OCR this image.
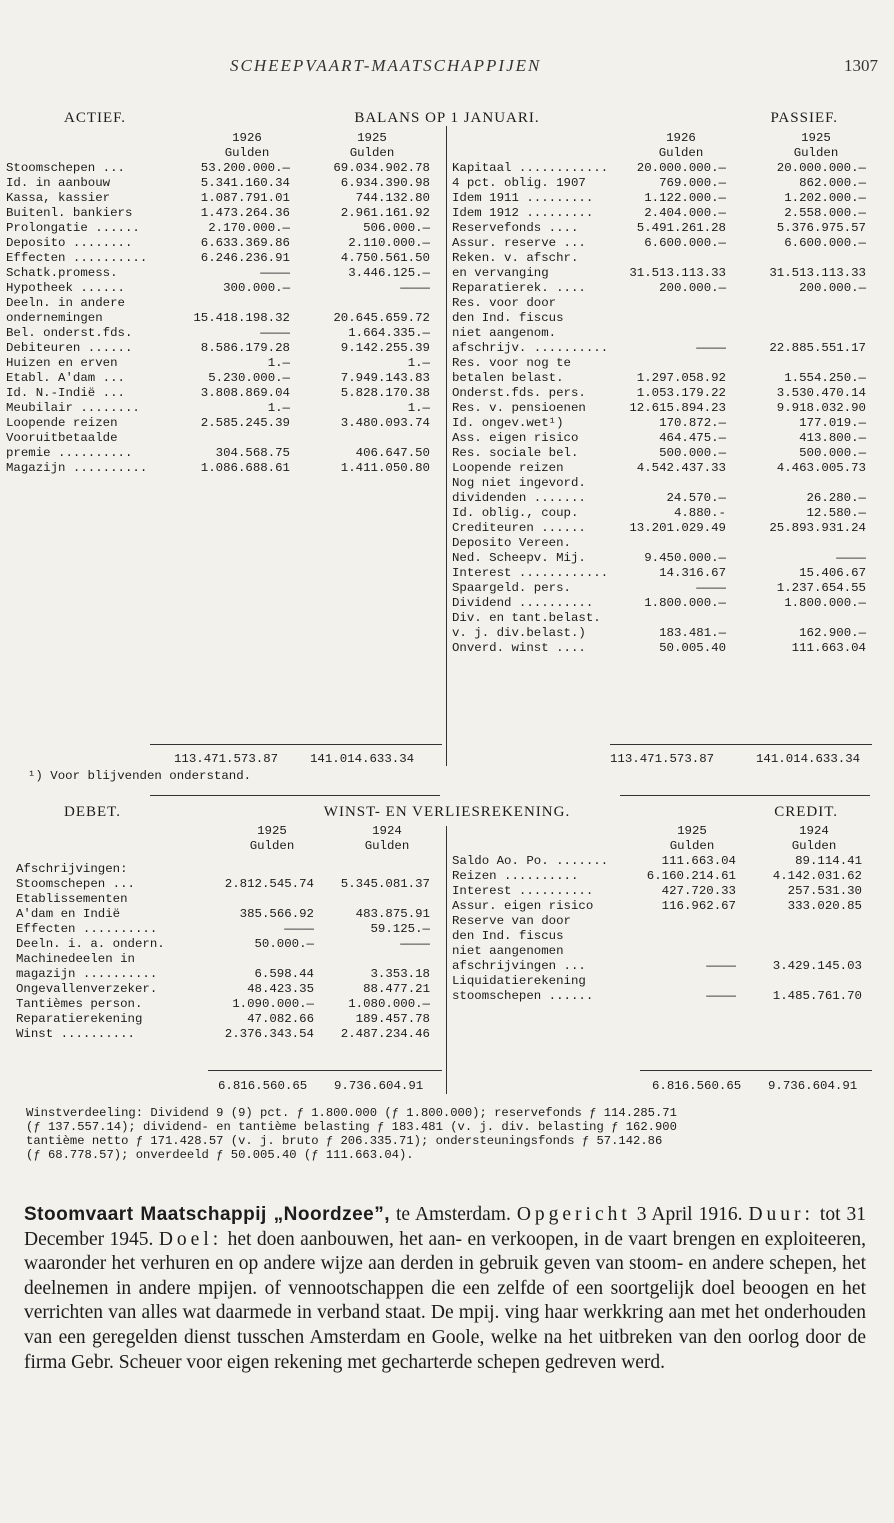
SCHEEPVAART-MAATSCHAPPIJEN	1307
ACTIEF.	BALANS OP 1 JANUARI.	PASSIEF.
1926	1925
Gulden	Gulden
Stoomschepen ...	53.200.000.—	69.034.902.78
Id. in aanbouw	5.341.160.34	6.934.390.98
Kassa, kassier	1.087.791.01	744.132.80
Buitenl. bankiers	1.473.264.36	2.961.161.92
Prolongatie ......	2.170.000.—	506.000.—
Deposito ........	6.633.369.86	2.110.000.—
Effecten ..........	6.246.236.91	4.750.561.50
Schatk.promess.	————	3.446.125.—
Hypotheek ......	300.000.—	————
Deeln. in andere
ondernemingen	15.418.198.32	20.645.659.72
Bel. onderst.fds.	————	1.664.335.—
Debiteuren ......	8.586.179.28	9.142.255.39
Huizen en erven	1.—	1.—
Etabl. A'dam ...	5.230.000.—	7.949.143.83
Id. N.-Indië ...	3.808.869.04	5.828.170.38
Meubilair ........	1.—	1.—
Loopende reizen	2.585.245.39	3.480.093.74
Vooruitbetaalde
premie ..........	304.568.75	406.647.50
Magazijn ..........	1.086.688.61	1.411.050.80
1926	1925
Gulden	Gulden
Kapitaal ............	20.000.000.—	20.000.000.—
4 pct. oblig. 1907	769.000.—	862.000.—
Idem 1911 .........	1.122.000.—	1.202.000.—
Idem 1912 .........	2.404.000.—	2.558.000.—
Reservefonds ....	5.491.261.28	5.376.975.57
Assur. reserve ...	6.600.000.—	6.600.000.—
Reken. v. afschr.
en vervanging	31.513.113.33	31.513.113.33
Reparatierek. ....	200.000.—	200.000.—
Res. voor door
den Ind. fiscus
niet aangenom.
afschrijv. ..........	————	22.885.551.17
Res. voor nog te
betalen belast.	1.297.058.92	1.554.250.—
Onderst.fds. pers.	1.053.179.22	3.530.470.14
Res. v. pensioenen	12.615.894.23	9.918.032.90
Id. ongev.wet¹)	170.872.—	177.019.—
Ass. eigen risico	464.475.—	413.800.—
Res. sociale bel.	500.000.—	500.000.—
Loopende reizen	4.542.437.33	4.463.005.73
Nog niet ingevord.
dividenden .......	24.570.—	26.280.—
Id. oblig., coup.	4.880.-	12.580.—
Crediteuren ......	13.201.029.49	25.893.931.24
Deposito Vereen.
Ned. Scheepv. Mij.	9.450.000.—	————
Interest ............	14.316.67	15.406.67
Spaargeld. pers.	————	1.237.654.55
Dividend ..........	1.800.000.—	1.800.000.—
Div. en tant.belast.
v. j. div.belast.)	183.481.—	162.900.—
Onverd. winst ....	50.005.40	111.663.04
113.471.573.87	141.014.633.34	113.471.573.87	141.014.633.34
¹) Voor blijvenden onderstand.
DEBET.	WINST- EN VERLIESREKENING.	CREDIT.
1925	1924
Gulden	Gulden
Afschrijvingen:
Stoomschepen ...	2.812.545.74	5.345.081.37
Etablissementen
A'dam en Indië	385.566.92	483.875.91
Effecten ..........	————	59.125.—
Deeln. i. a. ondern.	50.000.—	————
Machinedeelen in
magazijn ..........	6.598.44	3.353.18
Ongevallenverzeker.	48.423.35	88.477.21
Tantièmes person.	1.090.000.—	1.080.000.—
Reparatierekening	47.082.66	189.457.78
Winst ..........	2.376.343.54	2.487.234.46
1925	1924
Gulden	Gulden
Saldo Ao. Po. .......	111.663.04	89.114.41
Reizen ..........	6.160.214.61	4.142.031.62
Interest ..........	427.720.33	257.531.30
Assur. eigen risico	116.962.67	333.020.85
Reserve van door
den Ind. fiscus
niet aangenomen
afschrijvingen ...	————	3.429.145.03
Liquidatierekening
stoomschepen ......	————	1.485.761.70
6.816.560.65 9.736.604.91	6.816.560.65 9.736.604.91
Winstverdeeling: Dividend 9 (9) pct. ƒ 1.800.000 (ƒ 1.800.000); reservefonds ƒ 114.285.71
(ƒ 137.557.14); dividend- en tantième belasting ƒ 183.481 (v. j. div. belasting ƒ 162.900
tantième netto ƒ 171.428.57 (v. j. bruto ƒ 206.335.71); ondersteuningsfonds ƒ 57.142.86
(ƒ 68.778.57); onverdeeld ƒ 50.005.40 (ƒ 111.663.04).
Stoomvaart Maatschappij „Noordzee”, te Amsterdam. Opgericht 3 April 1916. Duur: tot 31 December 1945. Doel: het doen aanbouwen, het aan- en verkoopen, in de vaart brengen en exploiteeren, waaronder het verhuren en op andere wijze aan derden in gebruik geven van stoom- en andere schepen, het deelnemen in andere mpijen. of vennootschappen die een zelfde of een soortgelijk doel beoogen en het verrichten van alles wat daarmede in verband staat. De mpij. ving haar werkkring aan met het onderhouden van een geregelden dienst tusschen Amsterdam en Goole, welke na het uitbreken van den oorlog door de firma Gebr. Scheuer voor eigen rekening met gecharterde schepen gedreven werd.
